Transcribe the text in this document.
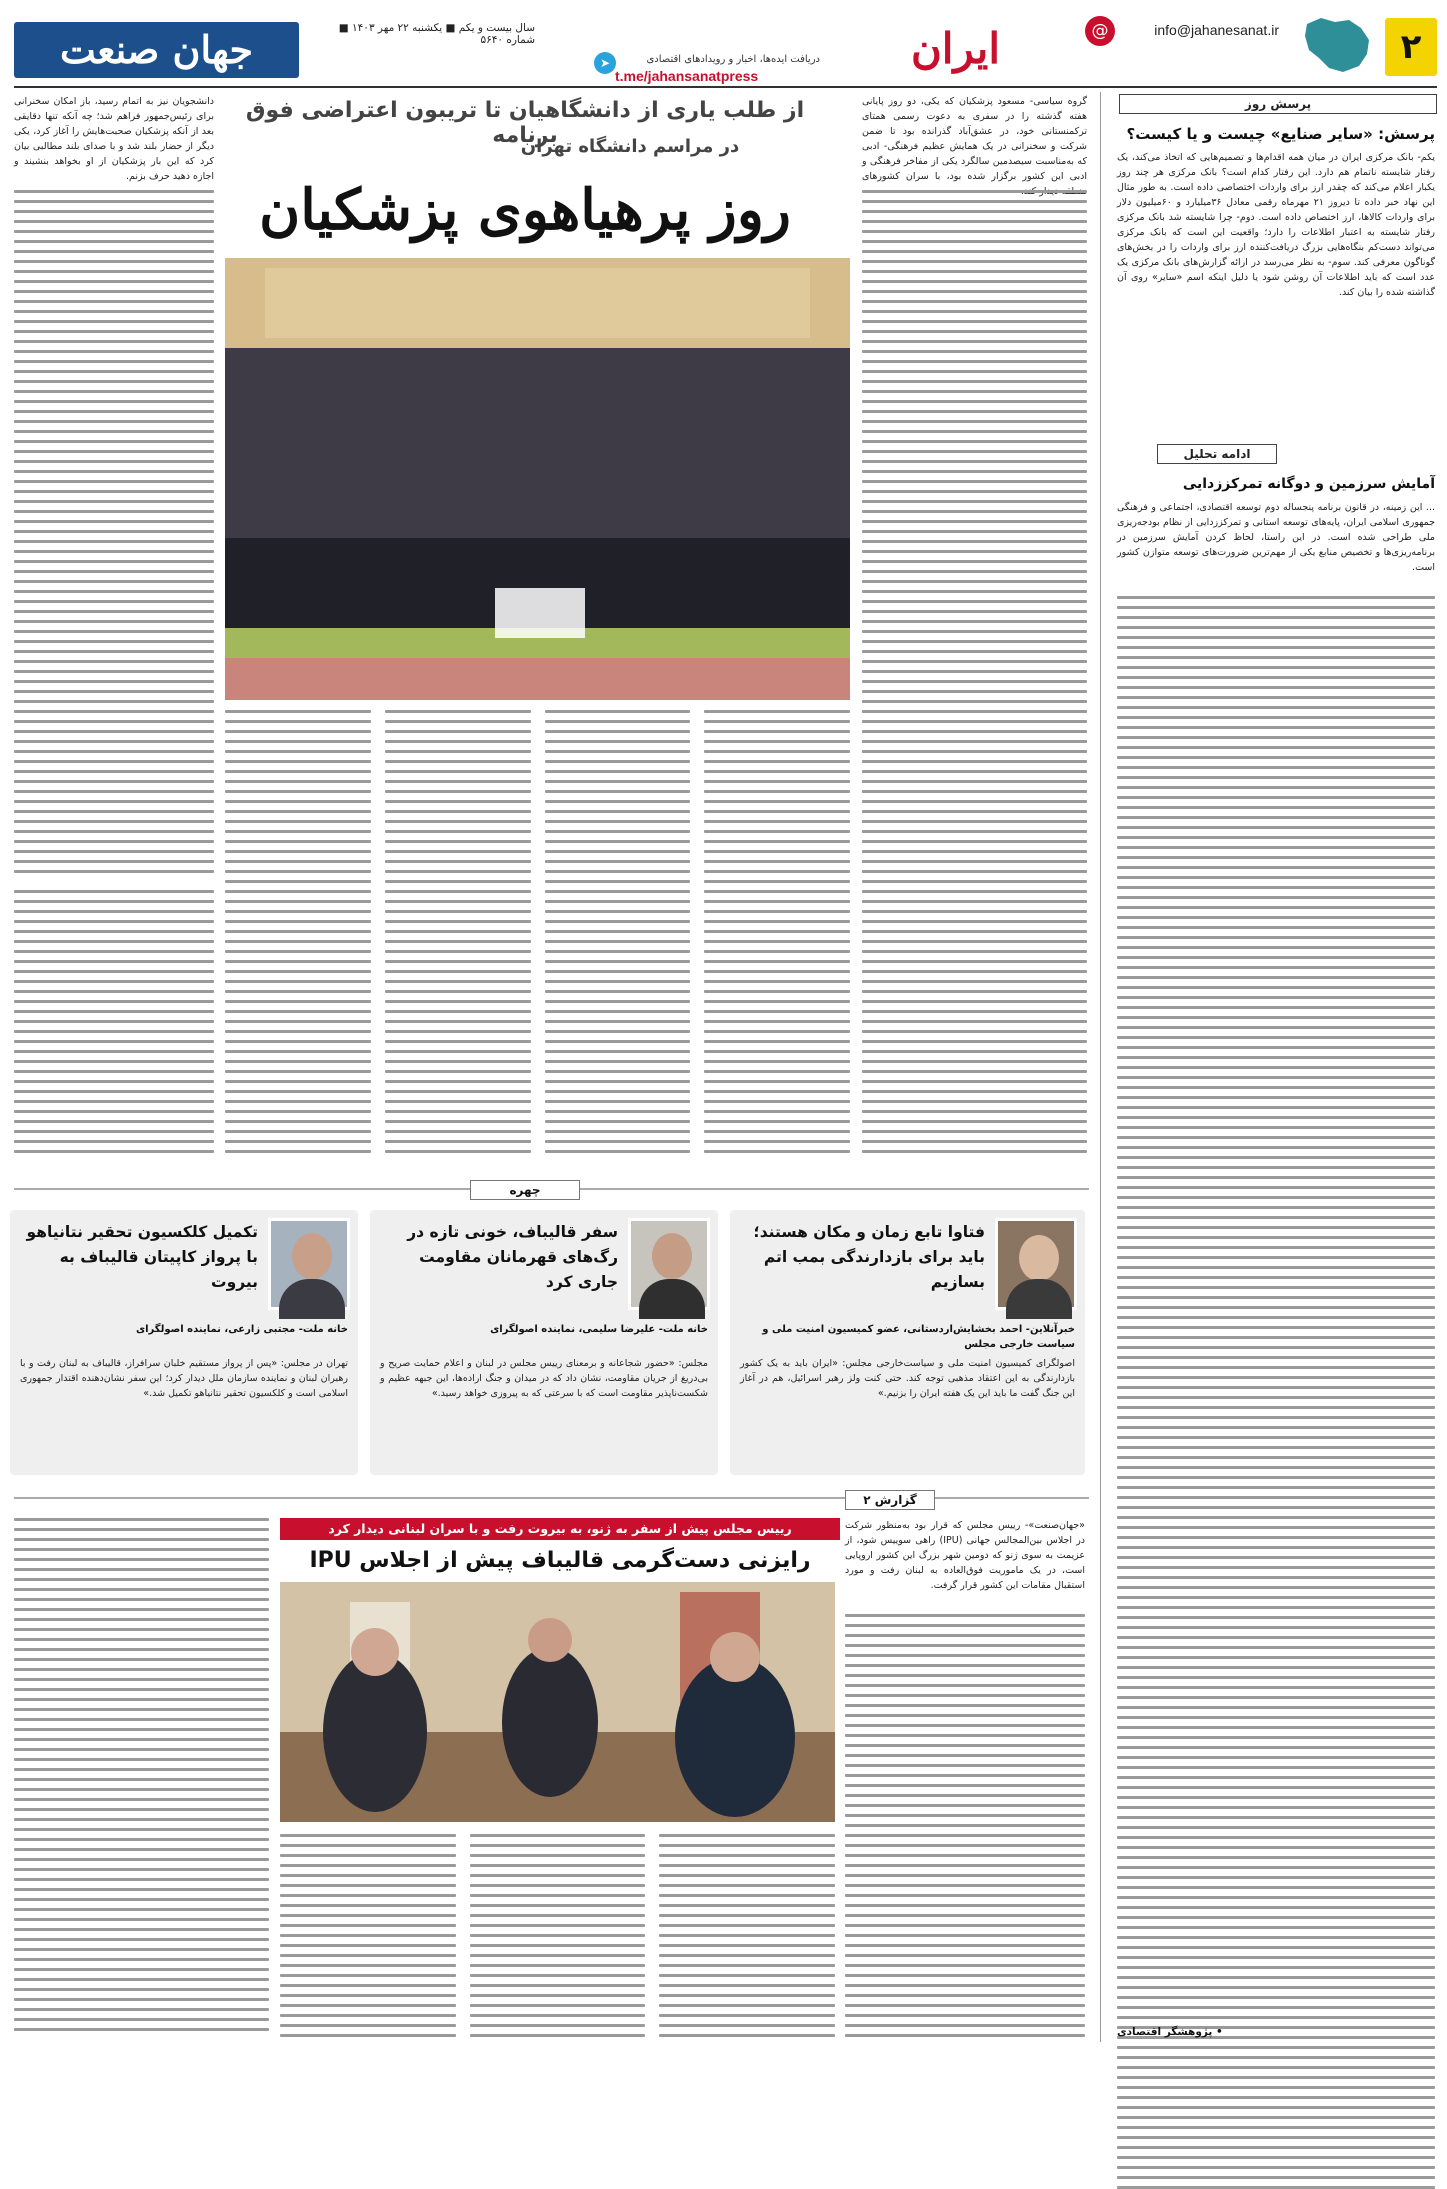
۲
info@jahanesanat.ir
@
ایران
دریافت ایده‌ها، اخبار و رویدادهای اقتصادی
t.me/jahansanatpress
➤
سال بیست و یکم ■ یکشنبه ۲۲ مهر ۱۴۰۳ ■ شماره ۵۶۴۰
جهان صنعت
پرسش روز
پرسش: «سایر صنایع» چیست و یا کیست؟
یکم- بانک مرکزی ایران در میان همه اقدام‌ها و تصمیم‌هایی که اتخاذ می‌کند، یک رفتار شایسته ناتمام هم دارد. این رفتار کدام است؟ بانک مرکزی هر چند روز یکبار اعلام می‌کند که چقدر ارز برای واردات اختصاصی داده است. به طور مثال این نهاد خبر داده تا دیروز ۲۱ مهرماه رقمی معادل ۳۶میلیارد و ۶۰میلیون دلار برای واردات کالاها، ارز اختصاص داده است. دوم- چرا شایسته شد بانک مرکزی رفتار شایسته به اعتبار اطلاعات را دارد؛ واقعیت این است که بانک مرکزی می‌تواند دست‌کم بنگاه‌هایی بزرگ دریافت‌کننده ارز برای واردات را در بخش‌های گوناگون معرفی کند. سوم- به نظر می‌رسد در ارائه گزارش‌های بانک مرکزی یک عدد است که باید اطلاعات آن روشن شود یا دلیل اینکه اسم «سایر» روی آن گذاشته شده را بیان کند.
ادامه تحلیل
آمایش سرزمین و دوگانه تمرکززدایی
... این زمینه، در قانون برنامه پنجساله دوم توسعه اقتصادی، اجتماعی و فرهنگی جمهوری اسلامی ایران، پایه‌های توسعه استانی و تمرکززدایی از نظام بودجه‌ریزی ملی طراحی شده است. در این راستا، لحاظ کردن آمایش سرزمین در برنامه‌ریزی‌ها و تخصیص منابع یکی از مهم‌ترین ضرورت‌های توسعه متوازن کشور است.
• پژوهشگر اقتصادی
از طلب یاری از دانشگاهیان تا تریبون اعتراضی فوق برنامه
در مراسم دانشگاه تهران
روز پرهیاهوی پزشکیان
گروه سیاسی- مسعود پزشکیان که یکی، دو روز پایانی هفته گذشته را در سفری به دعوت رسمی همتای ترکمنستانی خود، در عشق‌آباد گذرانده بود تا ضمن شرکت و سخنرانی در یک همایش عظیم فرهنگی- ادبی که به‌مناسبت سیصدمین سالگرد یکی از مفاخر فرهنگی و ادبی این کشور برگزار شده بود، با سران کشورهای
دانشجویان نیز به اتمام رسید، باز امکان سخنرانی برای رئیس‌جمهور فراهم شد؛ چه آنکه تنها دقایقی بعد از آنکه پزشکیان صحبت‌هایش را آغاز کرد، یکی دیگر از حضار بلند شد و با صدای بلند مطالبی بیان کرد که این بار پزشکیان از او بخواهد بنشیند و اجازه دهید حرف بزنم.
چهره
فتاوا تابع زمان و مکان هستند؛ باید برای بازدارندگی بمب اتم بسازیم
خبرآنلاین- احمد بخشایش‌اردستانی، عضو کمیسیون امنیت ملی و سیاست خارجی مجلس
اصولگرای کمیسیون امنیت ملی و سیاست‌خارجی مجلس: «ایران باید به یک کشور بازدارندگی به این اعتقاد مذهبی توجه کند. حتی کنت ولز رهبر اسرائیل، هم در آغاز این جنگ گفت ما باید این یک هفته ایران را بزنیم.»
سفر قالیباف، خونی تازه در رگ‌های قهرمانان مقاومت جاری کرد
خانه ملت- علیرضا سلیمی، نماینده اصولگرای
مجلس: «حضور شجاعانه و برمعنای رییس مجلس در لبنان و اعلام حمایت صریح و بی‌دریغ از جریان مقاومت، نشان داد که در میدان و جنگ اراده‌ها، این جبهه عظیم و شکست‌ناپذیر مقاومت است که با سرعتی که به پیروزی خواهد رسید.»
تکمیل کلکسیون تحقیر نتانیاهو با پرواز کاپیتان قالیباف به بیروت
خانه ملت- مجتبی زارعی، نماینده اصولگرای
تهران در مجلس: «پس از پرواز مستقیم خلبان سرافراز، قالیباف به لبنان رفت و با رهبران لبنان و نماینده سازمان ملل دیدار کرد؛ این سفر نشان‌دهنده اقتدار جمهوری اسلامی است و کلکسیون تحقیر نتانیاهو تکمیل شد.»
گزارش ۲
رییس مجلس پیش از سفر به ژنو، به بیروت رفت و با سران لبنانی دیدار کرد
رایزنی دست‌گرمی قالیباف پیش از اجلاس IPU
«جهان‌صنعت»- رییس مجلس که قرار بود به‌منظور شرکت در اجلاس بین‌المجالس جهانی (IPU) راهی سوییس شود، از عزیمت به سوی ژنو که دومین شهر بزرگ این کشور اروپایی است، در یک ماموریت فوق‌العاده به لبنان رفت و مورد استقبال مقامات این کشور قرار گرفت.
